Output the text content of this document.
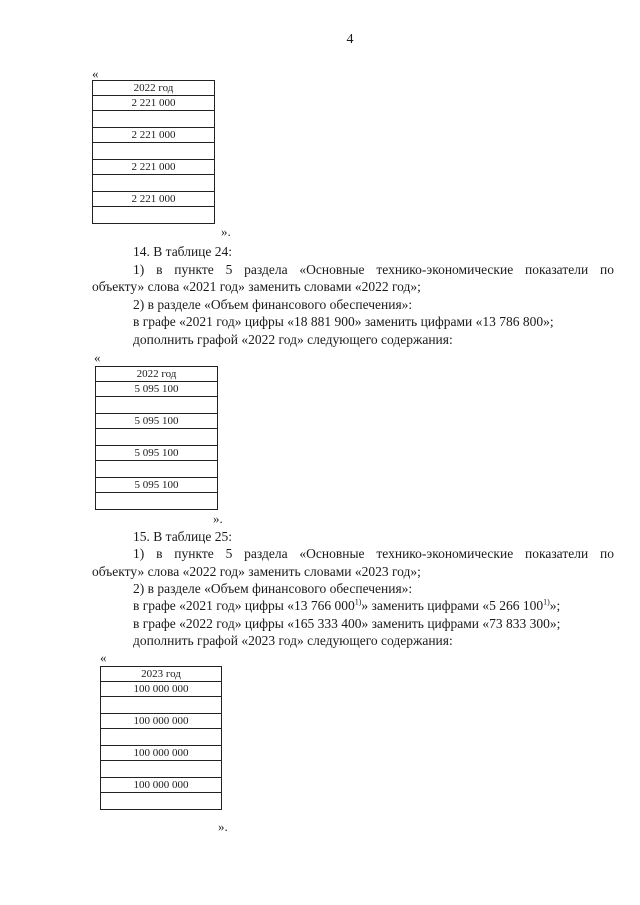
4
«
2022 год
2 221 000

2 221 000

2 221 000

2 221 000

».
14. В таблице 24:
1) в пункте 5 раздела «Основные технико-экономические показатели по
объекту» слова «2021 год» заменить словами «2022 год»;
2) в разделе «Объем финансового обеспечения»:
в графе «2021 год» цифры «18 881 900» заменить цифрами «13 786 800»;
дополнить графой «2022 год» следующего содержания:
«
2022 год
5 095 100

5 095 100

5 095 100

5 095 100

».
15. В таблице 25:
1) в пункте 5 раздела «Основные технико-экономические показатели по
объекту» слова «2022 год» заменить словами «2023 год»;
2) в разделе «Объем финансового обеспечения»:
в графе «2021 год» цифры «13 766 000$^{1)}$» заменить цифрами «5 266 100$^{1)}$»;
в графе «2022 год» цифры «165 333 400» заменить цифрами «73 833 300»;
дополнить графой «2023 год» следующего содержания:
«
2023 год
100 000 000

100 000 000

100 000 000

100 000 000

».
